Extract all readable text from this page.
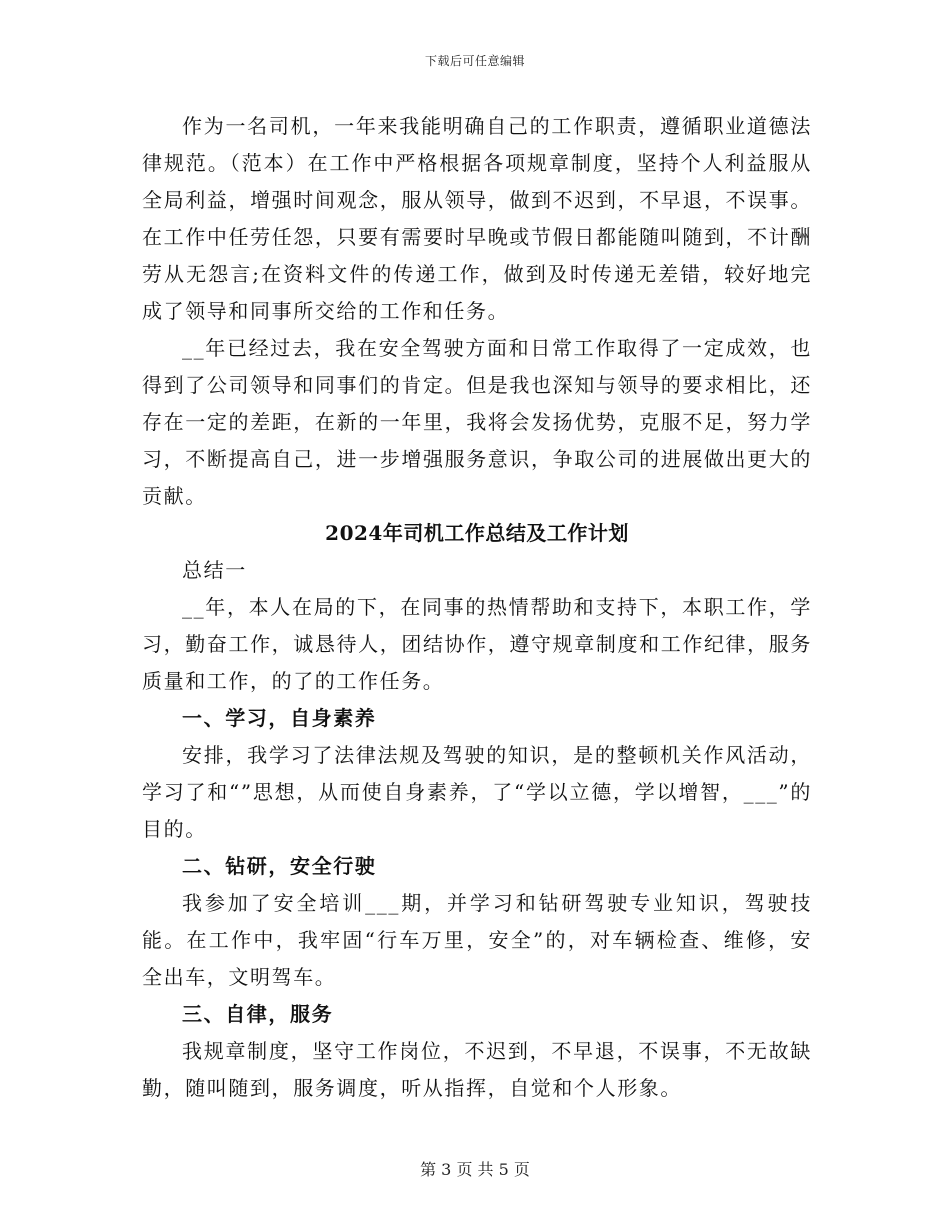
下载后可任意编辑

作为一名司机，一年来我能明确自己的工作职责，遵循职业道德法律规范。（范本）在工作中严格根据各项规章制度，坚持个人利益服从全局利益，增强时间观念，服从领导，做到不迟到，不早退，不误事。在工作中任劳任怨，只要有需要时早晚或节假日都能随叫随到，不计酬劳从无怨言;在资料文件的传递工作，做到及时传递无差错，较好地完成了领导和同事所交给的工作和任务。

__年已经过去，我在安全驾驶方面和日常工作取得了一定成效，也得到了公司领导和同事们的肯定。但是我也深知与领导的要求相比，还存在一定的差距，在新的一年里，我将会发扬优势，克服不足，努力学习，不断提高自己，进一步增强服务意识，争取公司的进展做出更大的贡献。

2024年司机工作总结及工作计划

总结一

__年，本人在局的下，在同事的热情帮助和支持下，本职工作，学习，勤奋工作，诚恳待人，团结协作，遵守规章制度和工作纪律，服务质量和工作，的了的工作任务。

一、学习，自身素养

安排，我学习了法律法规及驾驶的知识，是的整顿机关作风活动，学习了和“”思想，从而使自身素养，了“学以立德，学以增智，___”的目的。

二、钻研，安全行驶

我参加了安全培训___期，并学习和钻研驾驶专业知识，驾驶技能。在工作中，我牢固“行车万里，安全”的，对车辆检查、维修，安全出车，文明驾车。

三、自律，服务

我规章制度，坚守工作岗位，不迟到，不早退，不误事，不无故缺勤，随叫随到，服务调度，听从指挥，自觉和个人形象。

第 3 页 共 5 页
